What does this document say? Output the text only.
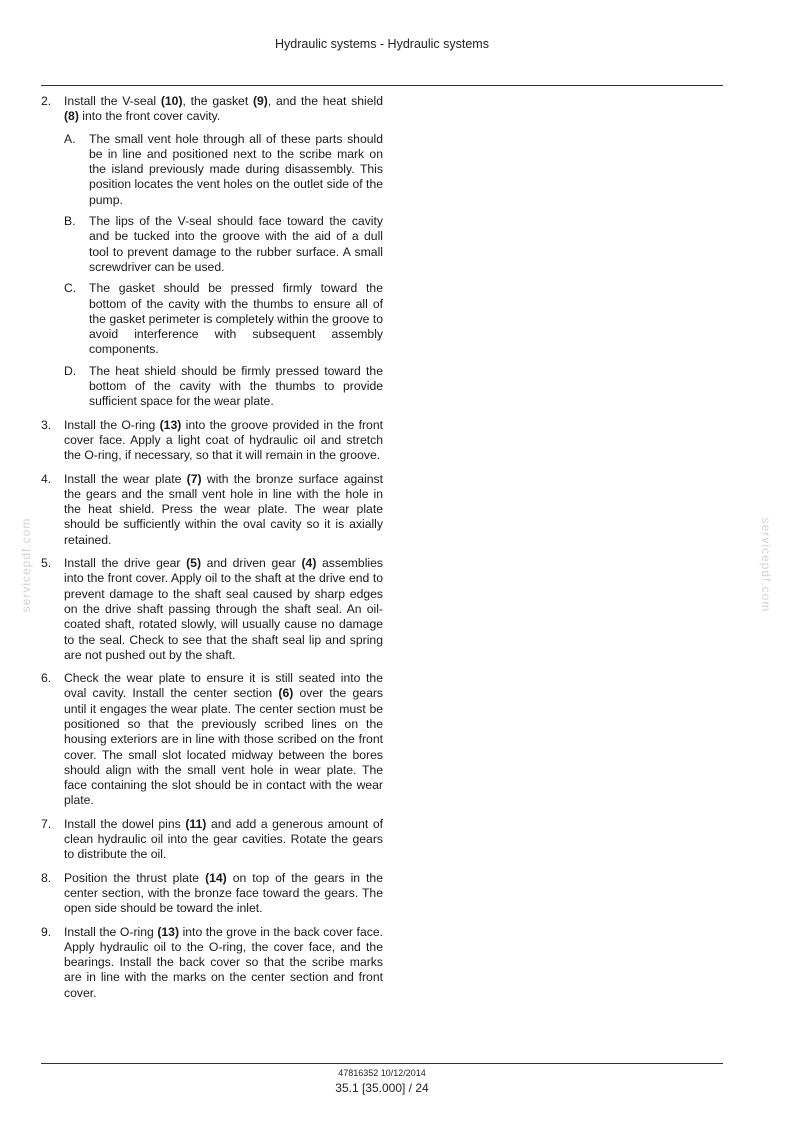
Hydraulic systems - Hydraulic systems
servicepdf.com	servicepdf.com
2. Install the V-seal (10), the gasket (9), and the heat shield (8) into the front cover cavity.
A. The small vent hole through all of these parts should be in line and positioned next to the scribe mark on the island previously made during disassembly. This position locates the vent holes on the outlet side of the pump.
B. The lips of the V-seal should face toward the cavity and be tucked into the groove with the aid of a dull tool to prevent damage to the rubber surface. A small screwdriver can be used.
C. The gasket should be pressed firmly toward the bottom of the cavity with the thumbs to ensure all of the gasket perimeter is completely within the groove to avoid interference with subsequent assembly components.
D. The heat shield should be firmly pressed toward the bottom of the cavity with the thumbs to provide sufficient space for the wear plate.
3. Install the O-ring (13) into the groove provided in the front cover face. Apply a light coat of hydraulic oil and stretch the O-ring, if necessary, so that it will remain in the groove.
4. Install the wear plate (7) with the bronze surface against the gears and the small vent hole in line with the hole in the heat shield. Press the wear plate. The wear plate should be sufficiently within the oval cavity so it is axially retained.
5. Install the drive gear (5) and driven gear (4) assemblies into the front cover. Apply oil to the shaft at the drive end to prevent damage to the shaft seal caused by sharp edges on the drive shaft passing through the shaft seal. An oil-coated shaft, rotated slowly, will usually cause no damage to the seal. Check to see that the shaft seal lip and spring are not pushed out by the shaft.
6. Check the wear plate to ensure it is still seated into the oval cavity. Install the center section (6) over the gears until it engages the wear plate. The center section must be positioned so that the previously scribed lines on the housing exteriors are in line with those scribed on the front cover. The small slot located midway between the bores should align with the small vent hole in wear plate. The face containing the slot should be in contact with the wear plate.
7. Install the dowel pins (11) and add a generous amount of clean hydraulic oil into the gear cavities. Rotate the gears to distribute the oil.
8. Position the thrust plate (14) on top of the gears in the center section, with the bronze face toward the gears. The open side should be toward the inlet.
9. Install the O-ring (13) into the grove in the back cover face. Apply hydraulic oil to the O-ring, the cover face, and the bearings. Install the back cover so that the scribe marks are in line with the marks on the center section and front cover.
47816352 10/12/2014
35.1 [35.000] / 24
